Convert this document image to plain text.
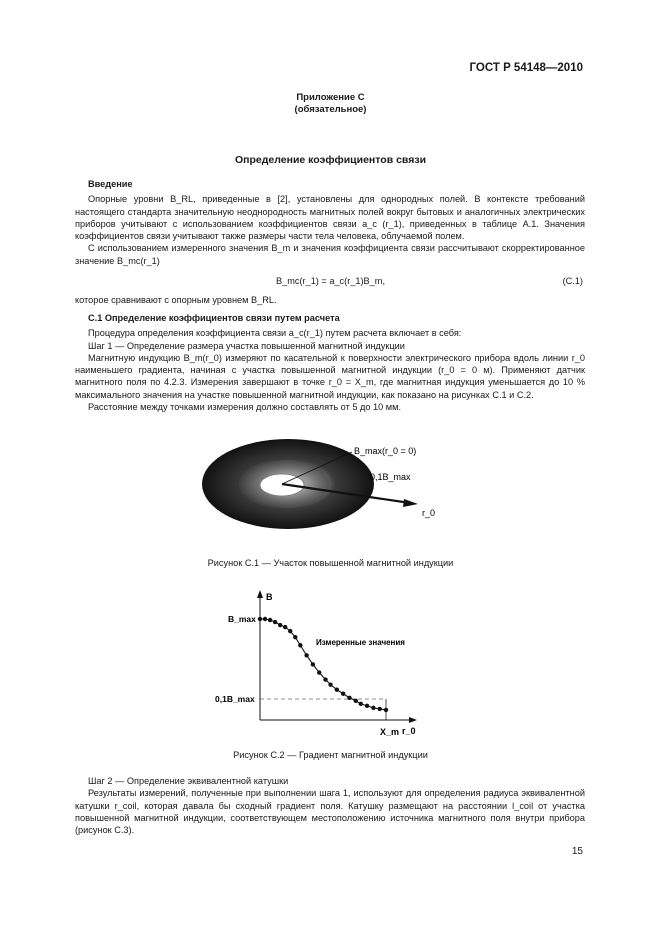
ГОСТ Р 54148—2010
Приложение С
(обязательное)
Определение коэффициентов связи

Введение

Опорные уровни B_RL, приведенные в [2], установлены для однородных полей. В контексте требований настоящего стандарта значительную неоднородность магнитных полей вокруг бытовых и аналогичных электрических приборов учитывают с использованием коэффициентов связи a_c (r_1), приведенных в таблице А.1. Значения коэффициентов связи учитывают также размеры части тела человека, облучаемой полем.

С использованием измеренного значения B_m и значения коэффициента связи рассчитывают скорректированное значение B_mc(r_1)

B_mc(r_1) = a_c(r_1)B_m,	(С.1)

которое сравнивают с опорным уровнем B_RL.

С.1 Определение коэффициентов связи путем расчета

Процедура определения коэффициента связи a_c(r_1) путем расчета включает в себя:

Шаг 1 — Определение размера участка повышенной магнитной индукции

Магнитную индукцию B_m(r_0) измеряют по касательной к поверхности электрического прибора вдоль линии r_0 наименьшего градиента, начиная с участка повышенной магнитной индукции (r_0 = 0 м). Применяют датчик магнитного поля по 4.2.3. Измерения завершают в точке r_0 = X_m, где магнитная индукция уменьшается до 10 % максимального значения на участке повышенной магнитной индукции, как показано на рисунках С.1 и С.2.

Расстояние между точками измерения должно составлять от 5 до 10 мм.

B_max(r_0 = 0)
0,1B_max
r_0
Рисунок С.1 — Участок повышенной магнитной индукции
B
B_max
0,1B_max
Измеренные значения
X_m r_0
Рисунок С.2 — Градиент магнитной индукции

Шаг 2 — Определение эквивалентной катушки

Результаты измерений, полученные при выполнении шага 1, используют для определения радиуса эквивалентной катушки r_coil, которая давала бы сходный градиент поля. Катушку размещают на расстоянии l_coil от участка повышенной магнитной индукции, соответствующем местоположению источника магнитного поля внутри прибора (рисунок С.3).

15
